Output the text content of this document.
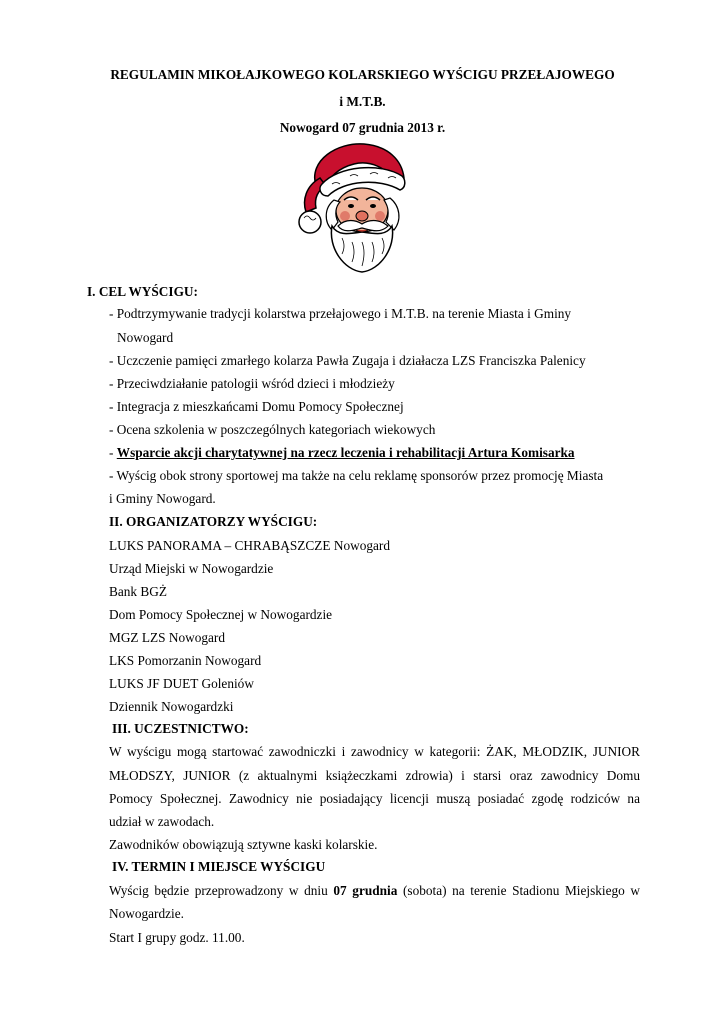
REGULAMIN MIKOŁAJKOWEGO KOLARSKIEGO WYŚCIGU PRZEŁAJOWEGO
i M.T.B.
Nowogard 07 grudnia 2013 r.
I. CEL WYŚCIGU:
- Podtrzymywanie tradycji kolarstwa przełajowego i M.T.B. na terenie Miasta i Gminy
Nowogard
- Uczczenie pamięci zmarłego kolarza Pawła Zugaja i działacza LZS Franciszka Palenicy
- Przeciwdziałanie patologii wśród dzieci i młodzieży
- Integracja z mieszkańcami Domu Pomocy Społecznej
- Ocena szkolenia w poszczególnych kategoriach wiekowych
- Wsparcie akcji charytatywnej na rzecz leczenia i rehabilitacji Artura Komisarka
- Wyścig obok strony sportowej ma także na celu reklamę sponsorów przez promocję Miasta
i Gminy Nowogard.
II. ORGANIZATORZY WYŚCIGU:
LUKS PANORAMA – CHRABĄSZCZE Nowogard
Urząd Miejski w Nowogardzie
Bank BGŻ
Dom Pomocy Społecznej w Nowogardzie
MGZ LZS Nowogard
LKS Pomorzanin Nowogard
LUKS JF DUET Goleniów
Dziennik Nowogardzki
III. UCZESTNICTWO:
W wyścigu mogą startować zawodniczki i zawodnicy w kategorii: ŻAK, MŁODZIK, JUNIOR
MŁODSZY, JUNIOR (z aktualnymi książeczkami zdrowia) i starsi oraz zawodnicy Domu
Pomocy Społecznej. Zawodnicy nie posiadający licencji muszą posiadać zgodę rodziców na
udział w zawodach.
Zawodników obowiązują sztywne kaski kolarskie.
IV. TERMIN I MIEJSCE WYŚCIGU
Wyścig będzie przeprowadzony w dniu 07 grudnia (sobota) na terenie Stadionu Miejskiego w
Nowogardzie.
Start I grupy godz. 11.00.
